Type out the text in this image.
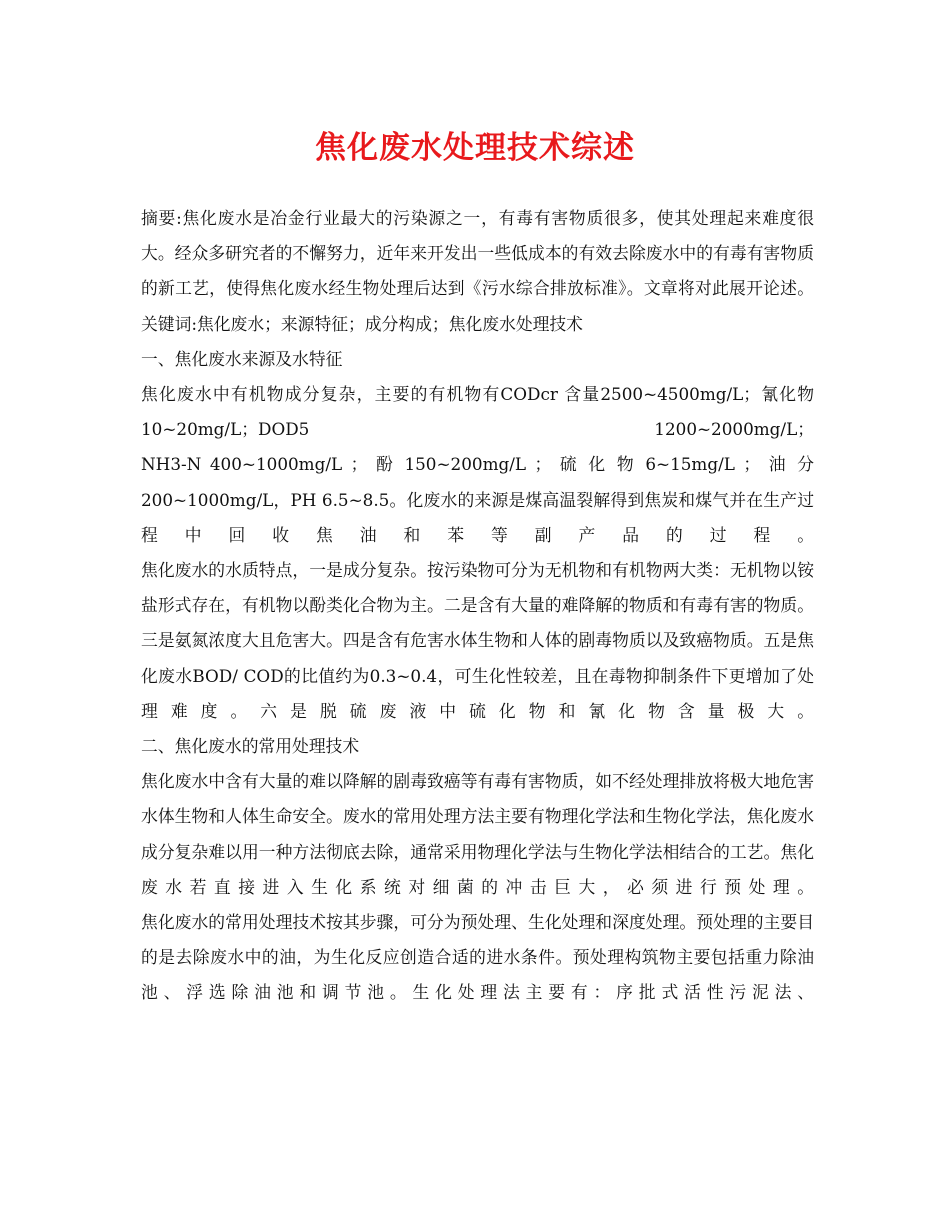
焦化废水处理技术综述

摘要:焦化废水是冶金行业最大的污染源之一，有毒有害物质很多，使其处理起来难度很大。经众多研究者的不懈努力，近年来开发出一些低成本的有效去除废水中的有毒有害物质的新工艺，使得焦化废水经生物处理后达到《污水综合排放标准》。文章将对此展开论述。

关键词:焦化废水；来源特征；成分构成；焦化废水处理技术

一、焦化废水来源及水特征

焦化废水中有机物成分复杂，主要的有机物有CODcr 含量2500~4500mg/L；氰化物10~20mg/L；DOD5 1200~2000mg/L；

NH3-N 400~1000mg/L ； 酚 150~200mg/L ； 硫 化 物 6~15mg/L ； 油 分

200~1000mg/L，PH 6.5~8.5。化废水的来源是煤高温裂解得到焦炭和煤气并在生产过程中回收焦油和苯等副产品的过程。

焦化废水的水质特点，一是成分复杂。按污染物可分为无机物和有机物两大类：无机物以铵盐形式存在，有机物以酚类化合物为主。二是含有大量的难降解的物质和有毒有害的物质。三是氨氮浓度大且危害大。四是含有危害水体生物和人体的剧毒物质以及致癌物质。五是焦化废水BOD/ COD的比值约为0.3~0.4，可生化性较差，且在毒物抑制条件下更增加了处理难度。六是脱硫废液中硫化物和氰化物含量极大。

二、焦化废水的常用处理技术

焦化废水中含有大量的难以降解的剧毒致癌等有毒有害物质，如不经处理排放将极大地危害水体生物和人体生命安全。废水的常用处理方法主要有物理化学法和生物化学法，焦化废水成分复杂难以用一种方法彻底去除，通常采用物理化学法与生物化学法相结合的工艺。焦化废水若直接进入生化系统对细菌的冲击巨大，必须进行预处理。

焦化废水的常用处理技术按其步骤，可分为预处理、生化处理和深度处理。预处理的主要目的是去除废水中的油，为生化反应创造合适的进水条件。预处理构筑物主要包括重力除油池、浮选除油池和调节池。生化处理法主要有：序批式活性污泥法、
